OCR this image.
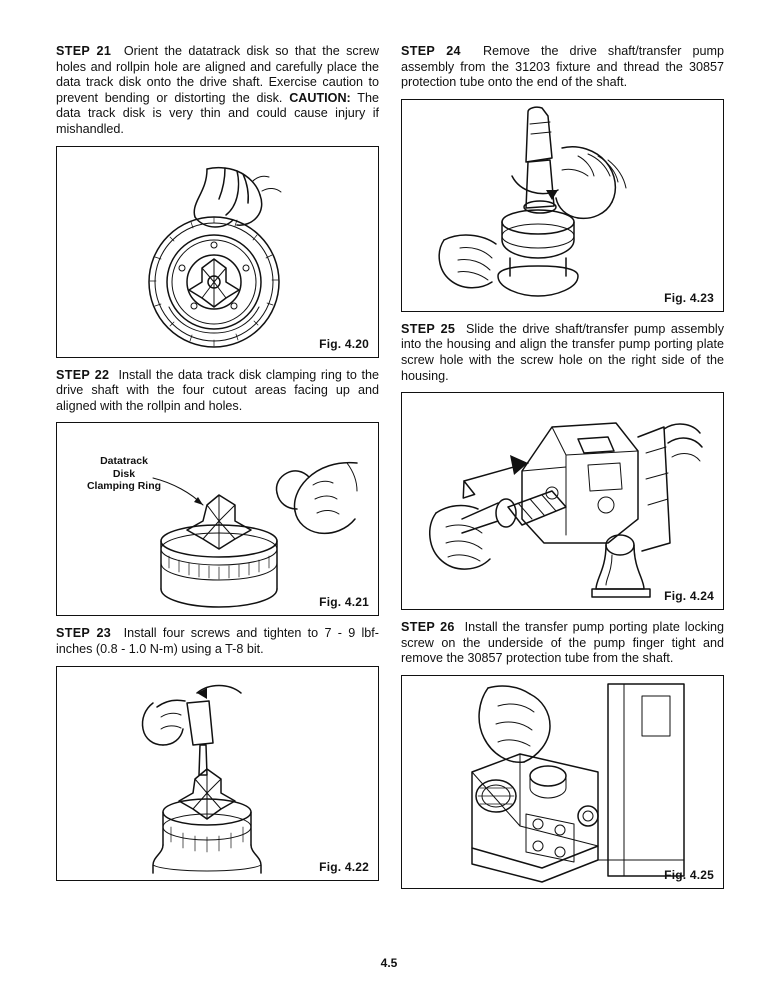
STEP 21 Orient the datatrack disk so that the screw holes and rollpin hole are aligned and carefully place the data track disk onto the drive shaft. Exercise caution to prevent bending or distorting the disk. CAUTION: The data track disk is very thin and could cause injury if mishandled.

Fig. 4.20

STEP 22 Install the data track disk clamping ring to the drive shaft with the four cutout areas facing up and aligned with the rollpin and holes.

Datatrack
Disk
Clamping Ring
Fig. 4.21

STEP 23 Install four screws and tighten to 7 - 9 lbf-inches (0.8 - 1.0 N-m) using a T-8 bit.

Fig. 4.22

STEP 24 Remove the drive shaft/transfer pump assembly from the 31203 fixture and thread the 30857 protection tube onto the end of the shaft.

Fig. 4.23

STEP 25 Slide the drive shaft/transfer pump assembly into the housing and align the transfer pump porting plate screw hole with the screw hole on the right side of the housing.

Fig. 4.24

STEP 26 Install the transfer pump porting plate locking screw on the underside of the pump finger tight and remove the 30857 protection tube from the shaft.

Fig. 4.25
4.5
